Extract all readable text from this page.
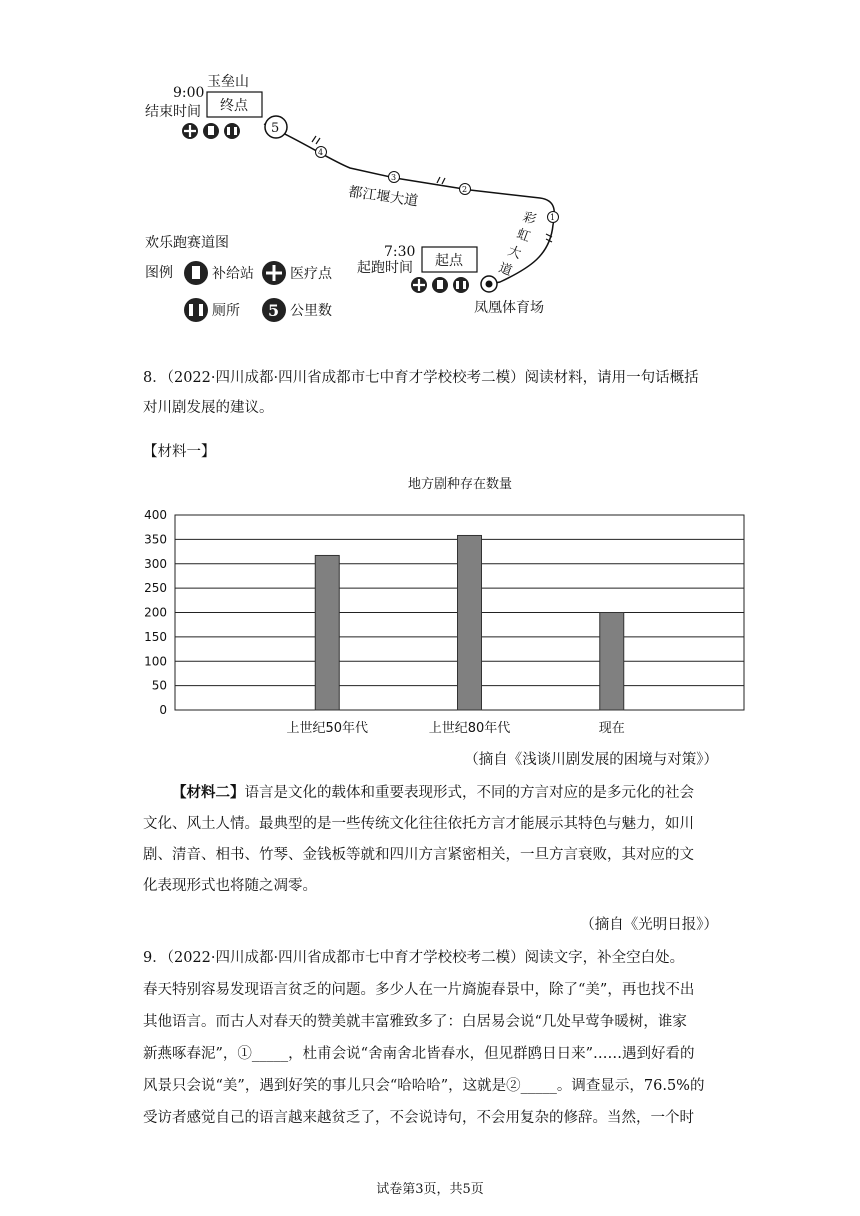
玉垒山
9:00
结束时间 终点
5
4
3
2
1
都江堰大道
彩
虹
大
道
7:30
起跑时间 起点
凤凰体育场
欢乐跑赛道图
图例	补给站	医疗点
厕所 5 公里数
8．（2022·四川成都·四川省成都市七中育才学校校考二模）阅读材料，请用一句话概括
对川剧发展的建议。
【材料一】
地方剧种存在数量
0
50
100
150
200
250
300
350
400
上世纪50年代	上世纪80年代	现在
（摘自《浅谈川剧发展的困境与对策》）
【材料二】语言是文化的载体和重要表现形式，不同的方言对应的是多元化的社会
文化、风土人情。最典型的是一些传统文化往往依托方言才能展示其特色与魅力，如川
剧、清音、相书、竹琴、金钱板等就和四川方言紧密相关，一旦方言衰败，其对应的文
化表现形式也将随之凋零。
（摘自《光明日报》）
9．（2022·四川成都·四川省成都市七中育才学校校考二模）阅读文字，补全空白处。
春天特别容易发现语言贫乏的问题。多少人在一片旖旎春景中，除了“美”，再也找不出
其他语言。而古人对春天的赞美就丰富雅致多了：白居易会说“几处早莺争暖树，谁家
新燕啄春泥”，①_____，杜甫会说“舍南舍北皆春水，但见群鸥日日来”……遇到好看的
风景只会说“美”，遇到好笑的事儿只会“哈哈哈”，这就是②_____。调查显示，76.5%的
受访者感觉自己的语言越来越贫乏了，不会说诗句，不会用复杂的修辞。当然，一个时
试卷第3页，共5页
